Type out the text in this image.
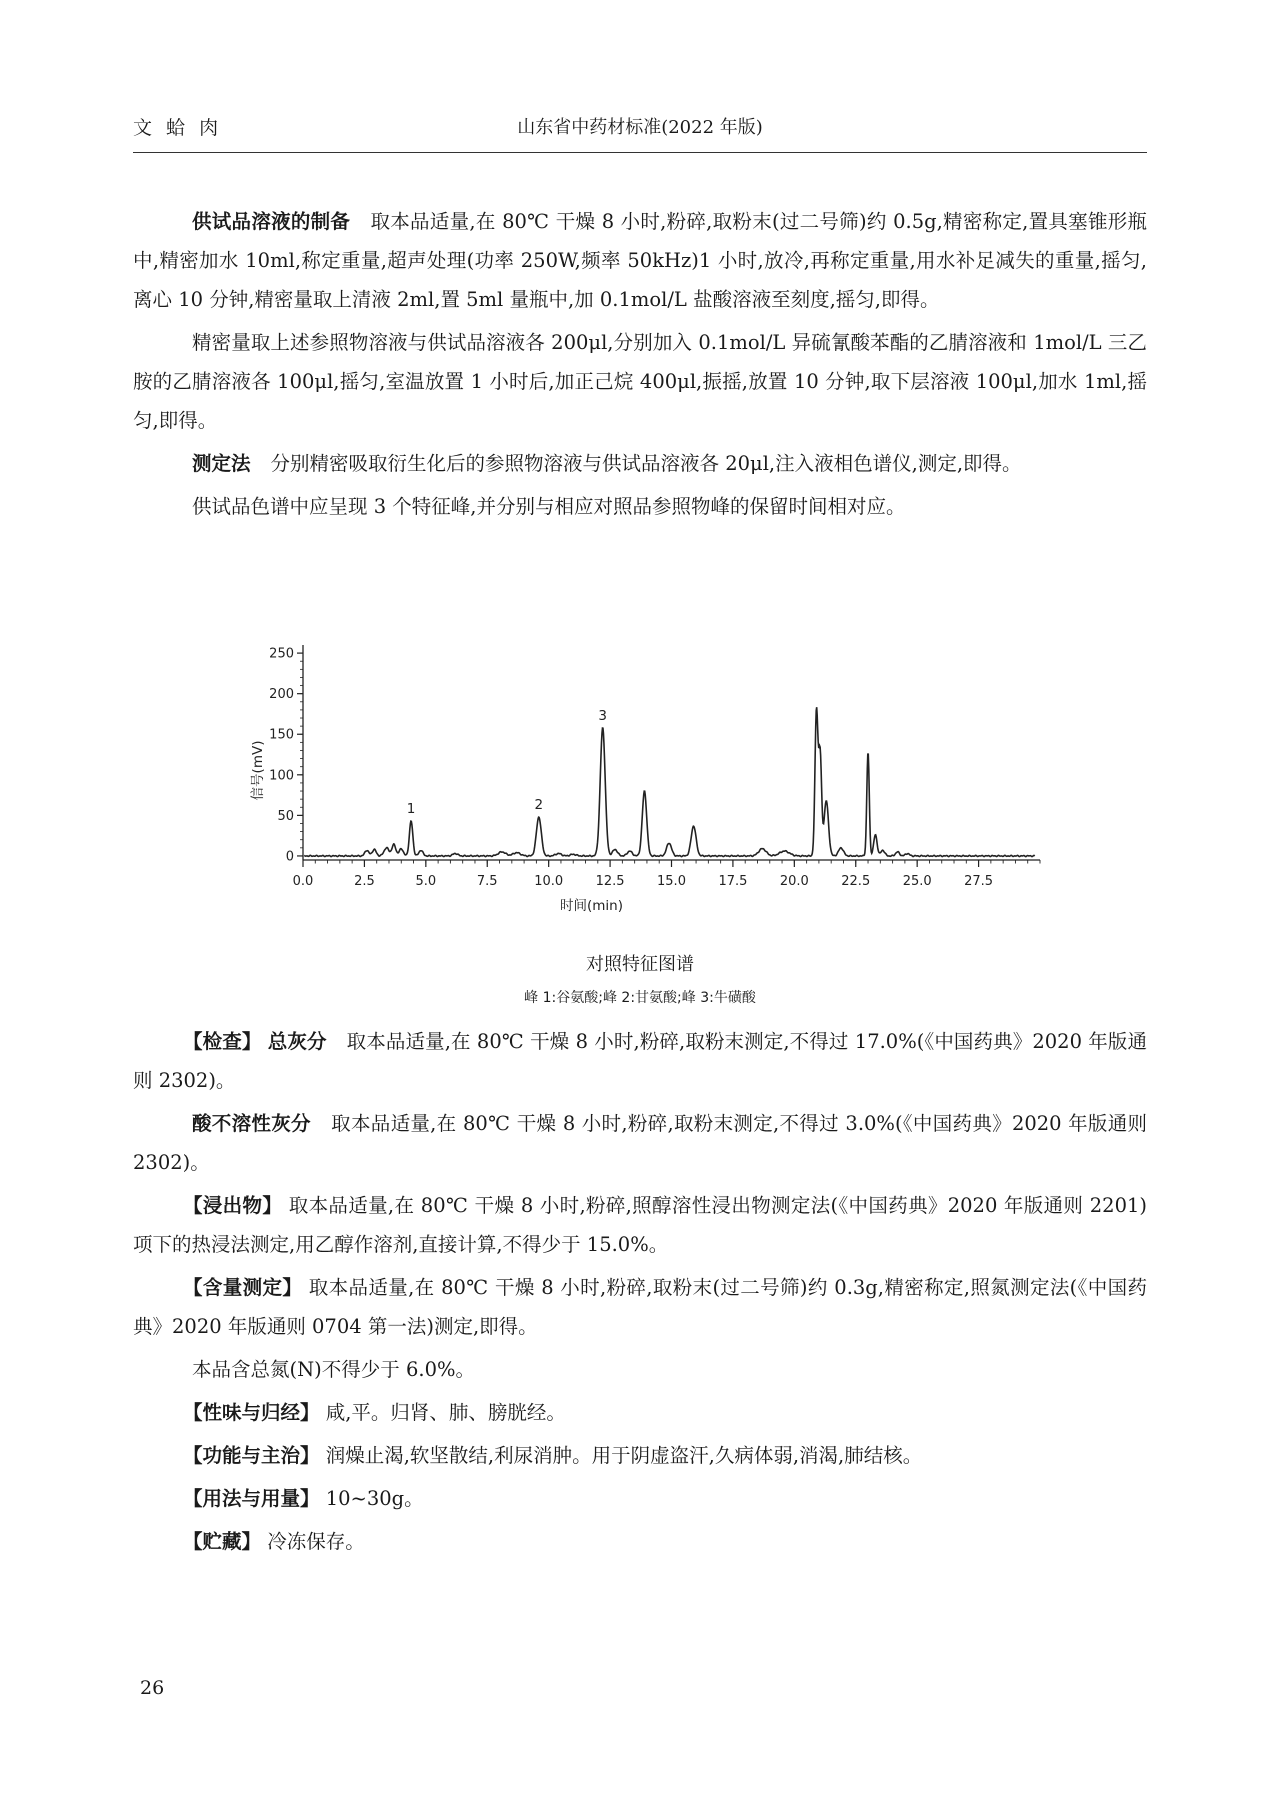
文 蛤 肉	山东省中药材标准(2022 年版)

供试品溶液的制备 取本品适量,在 80℃ 干燥 8 小时,粉碎,取粉末(过二号筛)约 0.5g,精密称定,置具塞锥形瓶中,精密加水 10ml,称定重量,超声处理(功率 250W,频率 50kHz)1 小时,放冷,再称定重量,用水补足减失的重量,摇匀,离心 10 分钟,精密量取上清液 2ml,置 5ml 量瓶中,加 0.1mol/L 盐酸溶液至刻度,摇匀,即得。

精密量取上述参照物溶液与供试品溶液各 200μl,分别加入 0.1mol/L 异硫氰酸苯酯的乙腈溶液和 1mol/L 三乙胺的乙腈溶液各 100μl,摇匀,室温放置 1 小时后,加正己烷 400μl,振摇,放置 10 分钟,取下层溶液 100μl,加水 1ml,摇匀,即得。

测定法 分别精密吸取衍生化后的参照物溶液与供试品溶液各 20μl,注入液相色谱仪,测定,即得。

供试品色谱中应呈现 3 个特征峰,并分别与相应对照品参照物峰的保留时间相对应。

0.0	2.5	5.0	7.5	10.0 12.5 15.0 17.5 20.0 22.5 25.0 27.5
0
50
100
150
200
250
时间(min)
信号(mV)
1	2
3
对照特征图谱
峰 1:谷氨酸;峰 2:甘氨酸;峰 3:牛磺酸

【检查】 总灰分 取本品适量,在 80℃ 干燥 8 小时,粉碎,取粉末测定,不得过 17.0%(《中国药典》2020 年版通则 2302)。

酸不溶性灰分 取本品适量,在 80℃ 干燥 8 小时,粉碎,取粉末测定,不得过 3.0%(《中国药典》2020 年版通则 2302)。

【浸出物】 取本品适量,在 80℃ 干燥 8 小时,粉碎,照醇溶性浸出物测定法(《中国药典》2020 年版通则 2201)项下的热浸法测定,用乙醇作溶剂,直接计算,不得少于 15.0%。

【含量测定】 取本品适量,在 80℃ 干燥 8 小时,粉碎,取粉末(过二号筛)约 0.3g,精密称定,照氮测定法(《中国药典》2020 年版通则 0704 第一法)测定,即得。

本品含总氮(N)不得少于 6.0%。

【性味与归经】 咸,平。归肾、肺、膀胱经。

【功能与主治】 润燥止渴,软坚散结,利尿消肿。用于阴虚盗汗,久病体弱,消渴,肺结核。

【用法与用量】 10~30g。

【贮藏】 冷冻保存。

26
